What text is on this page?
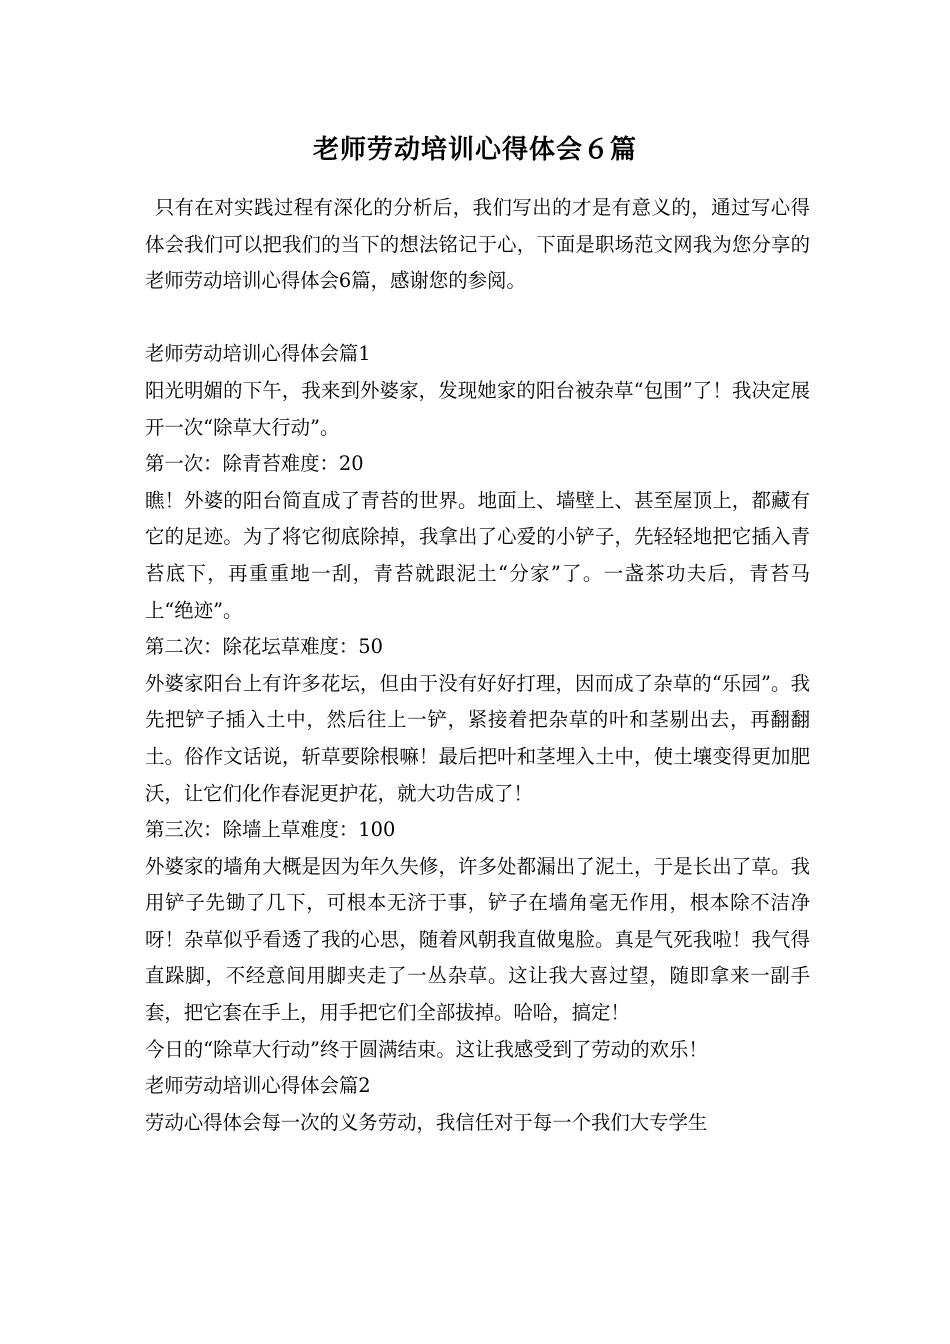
老师劳动培训心得体会６篇

只有在对实践过程有深化的分析后，我们写出的才是有意义的，通过写心得体会我们可以把我们的当下的想法铭记于心，下面是职场范文网我为您分享的老师劳动培训心得体会6篇，感谢您的参阅。

老师劳动培训心得体会篇1

阳光明媚的下午，我来到外婆家，发现她家的阳台被杂草“包围”了！我决定展开一次“除草大行动”。

第一次：除青苔难度：20

瞧！外婆的阳台简直成了青苔的世界。地面上、墙壁上、甚至屋顶上，都藏有它的足迹。为了将它彻底除掉，我拿出了心爱的小铲子，先轻轻地把它插入青苔底下，再重重地一刮，青苔就跟泥土“分家”了。一盏茶功夫后，青苔马上“绝迹”。

第二次：除花坛草难度：50

外婆家阳台上有许多花坛，但由于没有好好打理，因而成了杂草的“乐园”。我先把铲子插入土中，然后往上一铲，紧接着把杂草的叶和茎剔出去，再翻翻土。俗作文话说，斩草要除根嘛！最后把叶和茎埋入土中，使土壤变得更加肥沃，让它们化作春泥更护花，就大功告成了！

第三次：除墙上草难度：100

外婆家的墙角大概是因为年久失修，许多处都漏出了泥土，于是长出了草。我用铲子先锄了几下，可根本无济于事，铲子在墙角毫无作用，根本除不洁净呀！杂草似乎看透了我的心思，随着风朝我直做鬼脸。真是气死我啦！我气得直跺脚，不经意间用脚夹走了一丛杂草。这让我大喜过望，随即拿来一副手套，把它套在手上，用手把它们全部拔掉。哈哈，搞定！

今日的“除草大行动”终于圆满结束。这让我感受到了劳动的欢乐！

老师劳动培训心得体会篇2

劳动心得体会每一次的义务劳动，我信任对于每一个我们大专学生
